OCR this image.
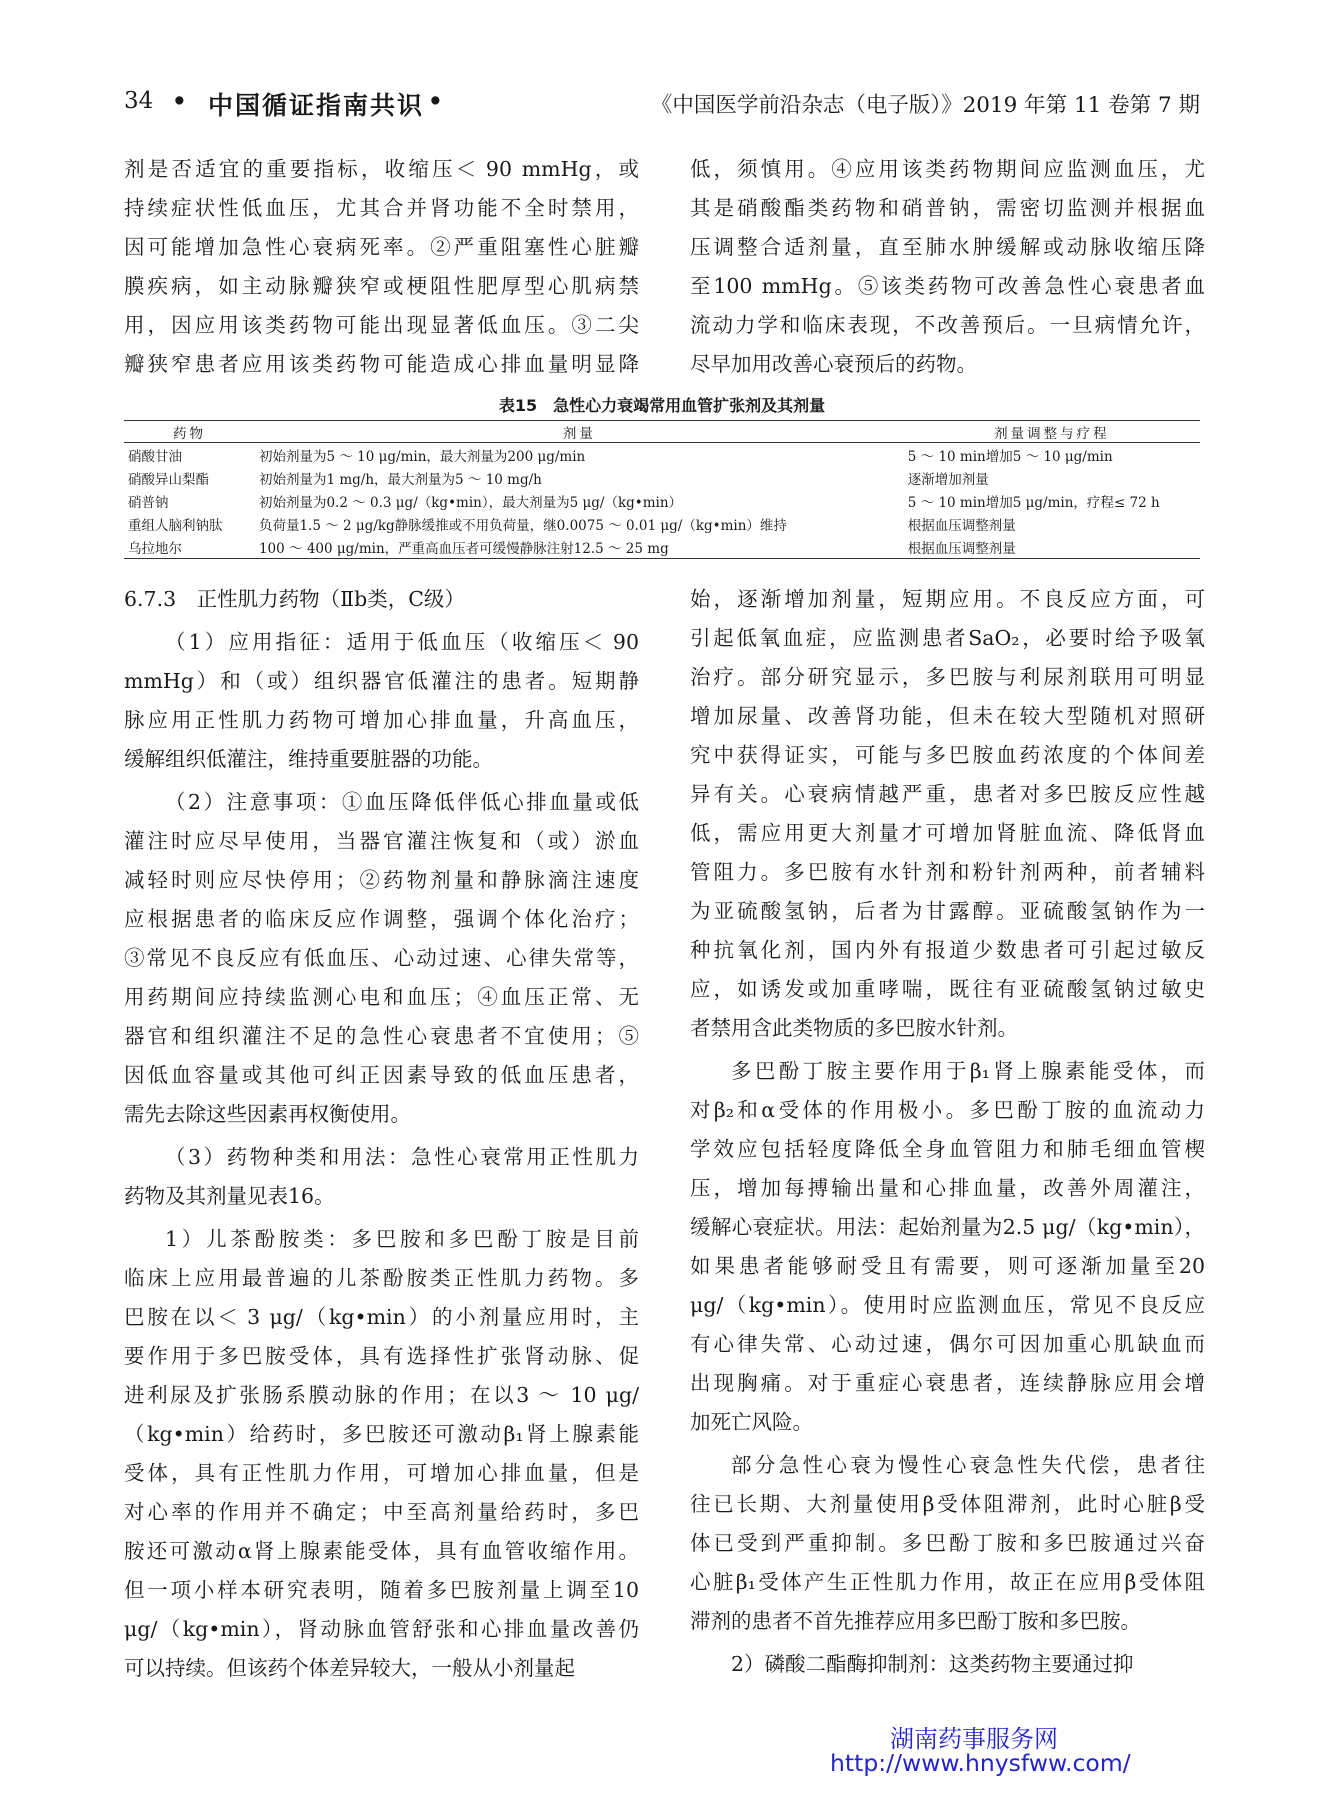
34 • 中国循证指南共识 •	《中国医学前沿杂志（电子版）》2019 年第 11 卷第 7 期

剂是否适宜的重要指标，收缩压＜ 90 mmHg，或

持续症状性低血压，尤其合并肾功能不全时禁用，

因可能增加急性心衰病死率。②严重阻塞性心脏瓣

膜疾病，如主动脉瓣狭窄或梗阻性肥厚型心肌病禁

用，因应用该类药物可能出现显著低血压。③二尖

瓣狭窄患者应用该类药物可能造成心排血量明显降

低，须慎用。④应用该类药物期间应监测血压，尤

其是硝酸酯类药物和硝普钠，需密切监测并根据血

压调整合适剂量，直至肺水肿缓解或动脉收缩压降

至100 mmHg。⑤该类药物可改善急性心衰患者血

流动力学和临床表现，不改善预后。一旦病情允许，

尽早加用改善心衰预后的药物。

表15　急性心力衰竭常用血管扩张剂及其剂量
药物	剂量	剂量调整与疗程
硝酸甘油	初始剂量为5 ～ 10 μg/min，最大剂量为200 μg/min	5 ～ 10 min增加5 ～ 10 μg/min
硝酸异山梨酯	初始剂量为1 mg/h，最大剂量为5 ～ 10 mg/h	逐渐增加剂量
硝普钠	初始剂量为0.2 ～ 0.3 μg/（kg•min），最大剂量为5 μg/（kg•min）	5 ～ 10 min增加5 μg/min，疗程≤ 72 h
重组人脑利钠肽	负荷量1.5 ～ 2 μg/kg静脉缓推或不用负荷量，继0.0075 ～ 0.01 μg/（kg•min）维持	根据血压调整剂量
乌拉地尔	100 ～ 400 μg/min，严重高血压者可缓慢静脉注射12.5 ～ 25 mg	根据血压调整剂量

6.7.3　正性肌力药物（Ⅱb类，C级）

（1）应用指征：适用于低血压（收缩压＜ 90

mmHg）和（或）组织器官低灌注的患者。短期静

脉应用正性肌力药物可增加心排血量，升高血压，

缓解组织低灌注，维持重要脏器的功能。

（2）注意事项：①血压降低伴低心排血量或低

灌注时应尽早使用，当器官灌注恢复和（或）淤血

减轻时则应尽快停用；②药物剂量和静脉滴注速度

应根据患者的临床反应作调整，强调个体化治疗；

③常见不良反应有低血压、心动过速、心律失常等，

用药期间应持续监测心电和血压；④血压正常、无

器官和组织灌注不足的急性心衰患者不宜使用；⑤

因低血容量或其他可纠正因素导致的低血压患者，

需先去除这些因素再权衡使用。

（3）药物种类和用法：急性心衰常用正性肌力

药物及其剂量见表16。

1）儿茶酚胺类：多巴胺和多巴酚丁胺是目前

临床上应用最普遍的儿茶酚胺类正性肌力药物。多

巴胺在以＜ 3 μg/（kg•min）的小剂量应用时，主

要作用于多巴胺受体，具有选择性扩张肾动脉、促

进利尿及扩张肠系膜动脉的作用；在以3 ～ 10 μg/

（kg•min）给药时，多巴胺还可激动β₁肾上腺素能

受体，具有正性肌力作用，可增加心排血量，但是

对心率的作用并不确定；中至高剂量给药时，多巴

胺还可激动α肾上腺素能受体，具有血管收缩作用。

但一项小样本研究表明，随着多巴胺剂量上调至10

μg/（kg•min），肾动脉血管舒张和心排血量改善仍

可以持续。但该药个体差异较大，一般从小剂量起

始，逐渐增加剂量，短期应用。不良反应方面，可

引起低氧血症，应监测患者SaO₂，必要时给予吸氧

治疗。部分研究显示，多巴胺与利尿剂联用可明显

增加尿量、改善肾功能，但未在较大型随机对照研

究中获得证实，可能与多巴胺血药浓度的个体间差

异有关。心衰病情越严重，患者对多巴胺反应性越

低，需应用更大剂量才可增加肾脏血流、降低肾血

管阻力。多巴胺有水针剂和粉针剂两种，前者辅料

为亚硫酸氢钠，后者为甘露醇。亚硫酸氢钠作为一

种抗氧化剂，国内外有报道少数患者可引起过敏反

应，如诱发或加重哮喘，既往有亚硫酸氢钠过敏史

者禁用含此类物质的多巴胺水针剂。

多巴酚丁胺主要作用于β₁肾上腺素能受体，而

对β₂和α受体的作用极小。多巴酚丁胺的血流动力

学效应包括轻度降低全身血管阻力和肺毛细血管楔

压，增加每搏输出量和心排血量，改善外周灌注，

缓解心衰症状。用法：起始剂量为2.5 μg/（kg•min），

如果患者能够耐受且有需要，则可逐渐加量至20

μg/（kg•min）。使用时应监测血压，常见不良反应

有心律失常、心动过速，偶尔可因加重心肌缺血而

出现胸痛。对于重症心衰患者，连续静脉应用会增

加死亡风险。

部分急性心衰为慢性心衰急性失代偿，患者往

往已长期、大剂量使用β受体阻滞剂，此时心脏β受

体已受到严重抑制。多巴酚丁胺和多巴胺通过兴奋

心脏β₁受体产生正性肌力作用，故正在应用β受体阻

滞剂的患者不首先推荐应用多巴酚丁胺和多巴胺。

2）磷酸二酯酶抑制剂：这类药物主要通过抑

湖南药事服务网
http://www.hnysfww.com/
